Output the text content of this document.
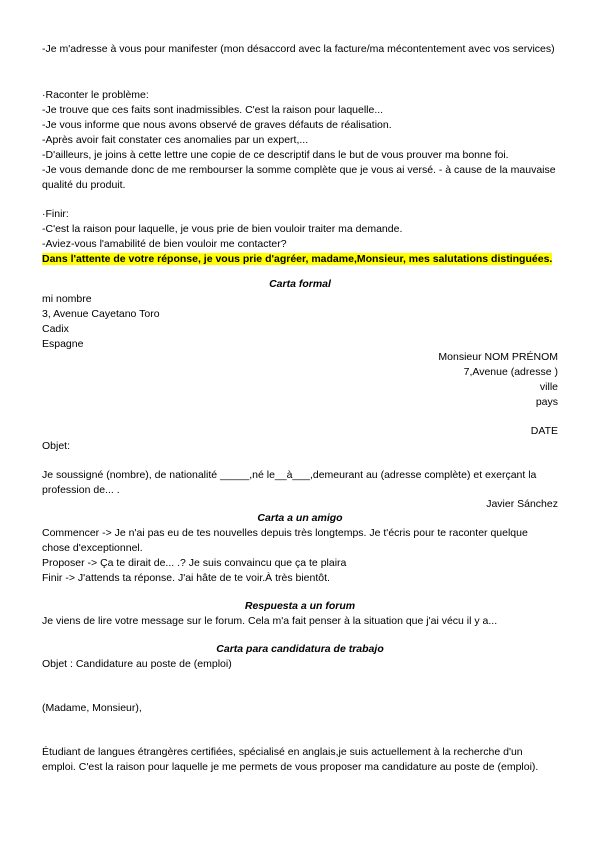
-Je m'adresse à vous pour manifester (mon désaccord avec la facture/ma mécontentement avec vos services)
·Raconter le problème:
-Je trouve que ces faits sont inadmissibles. C'est la raison pour laquelle...
-Je vous informe que nous avons observé de graves défauts de réalisation.
-Après avoir fait constater ces anomalies par un expert,...
-D'ailleurs, je joins à cette lettre une copie de ce descriptif dans le but de vous prouver ma bonne foi.
-Je vous demande donc de me rembourser la somme complète que je vous ai versé. - à cause de la mauvaise qualité du produit.
·Finir:
-C'est la raison pour laquelle, je vous prie de bien vouloir traiter ma demande.
-Aviez-vous l'amabilité de bien vouloir me contacter?
Dans l'attente de votre réponse, je vous prie d'agréer, madame,Monsieur, mes salutations distinguées.
Carta formal
mi nombre
3, Avenue Cayetano Toro
Cadix
Espagne
Monsieur NOM PRÉNOM
7,Avenue (adresse )
ville
pays
DATE
Objet:
Je soussigné (nombre), de nationalité _____,né le__à___,demeurant au (adresse complète) et exerçant la profession de... .
Javier Sánchez
Carta a un amigo
Commencer -> Je n'ai pas eu de tes nouvelles depuis très longtemps. Je t'écris pour te raconter quelque chose d'exceptionnel.
Proposer -> Ça te dirait de... .? Je suis convaincu que ça te plaira
Finir -> J'attends ta réponse. J'ai hâte de te voir.À très bientôt.
Respuesta a un forum
Je viens de lire votre message sur le forum. Cela m'a fait penser à la situation que j'ai vécu il y a...
Carta para candidatura de trabajo
Objet : Candidature au poste de (emploi)
(Madame, Monsieur),
Étudiant de langues étrangères certifiées, spécialisé en anglais,je suis actuellement à la recherche d'un emploi. C'est la raison pour laquelle je me permets de vous proposer ma candidature au poste de (emploi).
